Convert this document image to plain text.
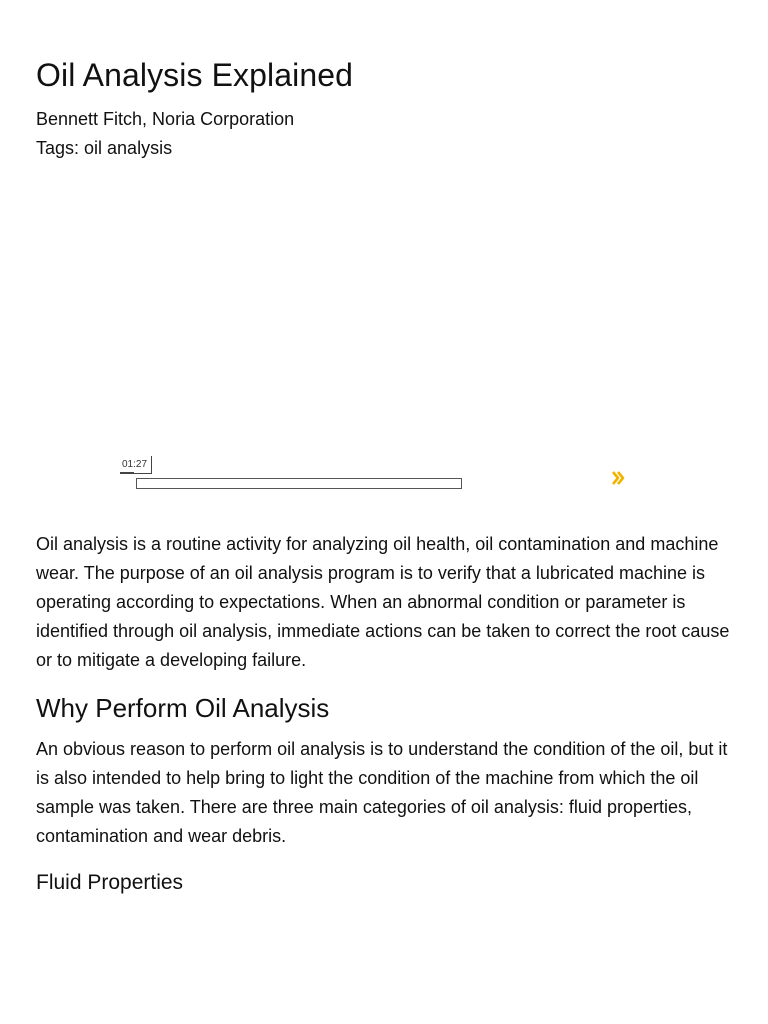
Oil Analysis Explained
Bennett Fitch, Noria Corporation
Tags: oil analysis
01:27

Oil analysis is a routine activity for analyzing oil health, oil contamination and machine wear. The purpose of an oil analysis program is to verify that a lubricated machine is operating according to expectations. When an abnormal condition or parameter is identified through oil analysis, immediate actions can be taken to correct the root cause or to mitigate a developing failure.

Why Perform Oil Analysis

An obvious reason to perform oil analysis is to understand the condition of the oil, but it is also intended to help bring to light the condition of the machine from which the oil sample was taken. There are three main categories of oil analysis: fluid properties, contamination and wear debris.

Fluid Properties
